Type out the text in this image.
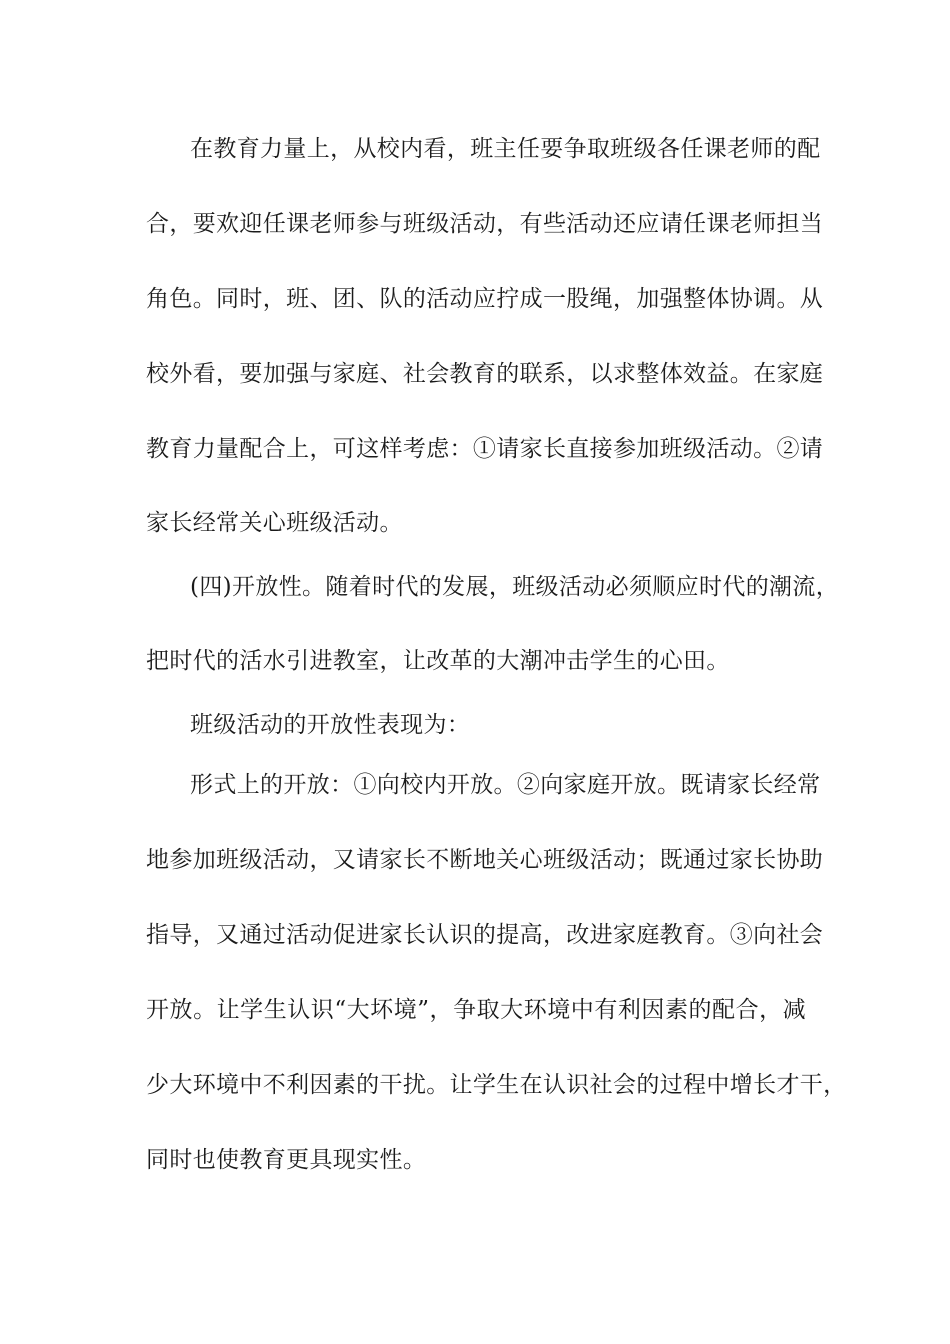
在教育力量上，从校内看，班主任要争取班级各任课老师的配
合，要欢迎任课老师参与班级活动，有些活动还应请任课老师担当
角色。同时，班、团、队的活动应拧成一股绳，加强整体协调。从
校外看，要加强与家庭、社会教育的联系，以求整体效益。在家庭
教育力量配合上，可这样考虑：①请家长直接参加班级活动。②请
家长经常关心班级活动。
(四)开放性。随着时代的发展，班级活动必须顺应时代的潮流，
把时代的活水引进教室，让改革的大潮冲击学生的心田。
班级活动的开放性表现为：
形式上的开放：①向校内开放。②向家庭开放。既请家长经常
地参加班级活动，又请家长不断地关心班级活动；既通过家长协助
指导，又通过活动促进家长认识的提高，改进家庭教育。③向社会
开放。让学生认识“大坏境”，争取大环境中有利因素的配合，减
少大环境中不利因素的干扰。让学生在认识社会的过程中增长才干，
同时也使教育更具现实性。
